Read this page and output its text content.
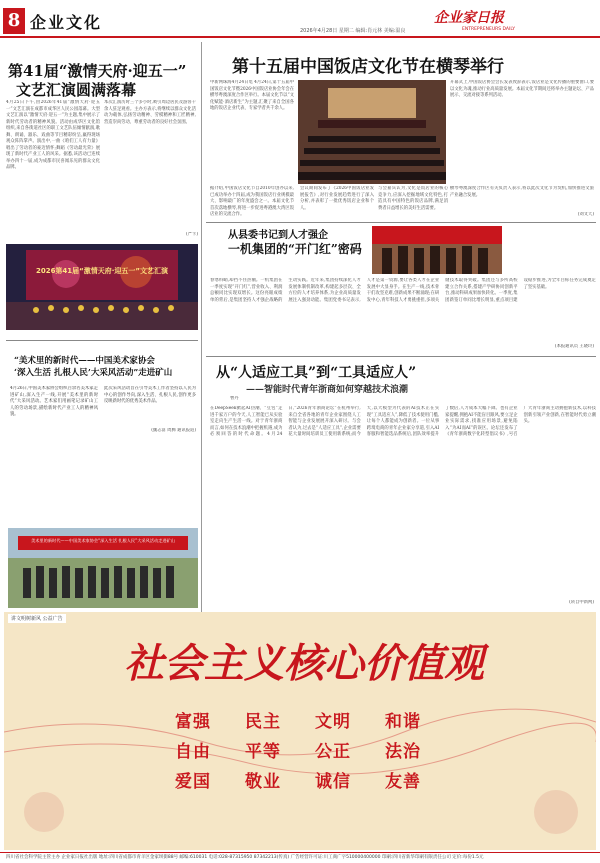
8 企业文化	2026年4月28日 星期二 编辑:肖元林 美编:温良
企业家日报
ENTREPRENEURS DAILY
第41届“激情天府·迎五一”
文艺汇演圆满落幕
4月25日下午,由2026年41届“激情天府·迎五一”文艺汇演在成都市成华区人民公园落幕。大型文艺汇演以“激情天府·迎五一”为主题,集中展示了新时代劳动者的精神风貌。活动由成华区文化馆组织,来自各街道社区的职工文艺队伍倾情献演,歌舞、朗诵、器乐、戏曲等节目精彩纷呈,赢得现场观众阵阵掌声。演出中,一曲《咱们工人有力量》唱出了劳动者的豪迈情怀;舞蹈《劳动最光荣》展现了新时代产业工人的风采。据悉,该活动已连续举办四十一届,成为成都市民喜闻乐见的群众文化品牌。
本次汇演历时三个多小时,吸引周边居民及游客千余人驻足观看。主办方表示,将继续以群众文化活动为载体,弘扬劳动精神、劳模精神和工匠精神,营造崇尚劳动、尊重劳动者的良好社会氛围。
(严卡)
2026第41届“激情天府·迎五一”文艺汇演
“美术里的新时代——中国美术家协会
‘深入生活 扎根人民’大采风活动”走进矿山
4月26日,中国美术家协会组织百余名美术家走进矿山,深入生产一线,开展“美术里的新时代”大采风活动。艺术家们用画笔记录矿山工人的劳动场景,描绘新时代产业工人的精神风貌。
此次采风活动旨在引导美术工作者坚持以人民为中心的创作导向,深入生活、扎根人民,创作更多反映新时代的优秀美术作品。
(魏志富 周腾 通讯报道)
美术里的新时代——中国美术家协会“深入生活 扎根人民”大采风活动走进矿山
第十五届中国饭店文化节在横琴举行
中新网珠海4月24日电 4月24日,第十五届中国饭店文化节暨2026中国饭店业协会年会在横琴粤澳深度合作区举行。本届文化节以“文化赋能·酒店新生”为主题,汇聚了来自全国各地的饭店企业代表、专家学者共千余人。
开幕式上,中国饭店协会会长发表致辞表示,饭店业是文化传播的重要窗口,要以文化为魂,推动行业高质量发展。本届文化节期间还将举办主题论坛、产品展示、交流对接等系列活动。
据介绍,中国饭店文化节自2010年创办以来,已成功举办十四届,成为我国饭店行业规模最大、影响最广的年度盛会之一。本届文化节首次落地横琴,将进一步促进粤港澳大湾区饭店业的交流合作。
会议期间发布了《2026中国饭店业发展报告》,对行业发展趋势进行了深入分析,并表彰了一批优秀饭店企业和个人。
与会嘉宾认为,文化是饭店业的核心竞争力,应深入挖掘地域文化特色,打造具有中国特色的饭店品牌,满足消费者日益增长的美好生活需要。
横琴粤澳深度合作区有关负责人表示,将以此次文化节为契机,加快推进文旅产业融合发展。
(刘文天)
从县委书记到人才强企
一机集团的“开门红”密码
春寒料峭,却挡不住热潮。一机集团在一季度实现“开门红”,营业收入、利润总额同比实现双增长。这份亮眼成绩单的背后,是集团坚持人才强企战略的生动实践。近年来,集团持续深化人才发展体制机制改革,构建起多层次、全方位的人才培养体系,为企业高质量发展注入强劲动能。集团党委书记表示,人才是第一资源,要让各类人才在企业发展中大显身手。在生产一线,技术骨干们攻坚克难,创新成果不断涌现;在研发中心,青年科技人才勇挑重担,多项关键技术取得突破。集团还与多所高校建立合作关系,搭建产学研协同创新平台,推动科研成果加快转化。一季度,集团新签订单同比增长明显,重点项目建设稳步推进,为全年目标任务完成奠定了坚实基础。
(本报通讯员 王晓玲)
从“人适应工具”到“工具适应人”
——智能时代青年浙商如何穿越技术浪潮
曹丹
在DeepSeek掀起AI热潮、“豆包”走进千家万户的今天,人工智能已从实验室走向生产生活一线。对于青年浙商而言,如何在技术浪潮中把握机遇,成为必须回答的时代命题。4月24日,“2026青年浙商论坛”在杭州举行,来自全省各地的青年企业家围绕人工智能与企业发展展开深入研讨。与会者认为,过去是“人适应工具”,企业需要花大量时间培训员工使用新系统;而今天,以大模型为代表的AI技术正在实现“工具适应人”,降低了技术使用门槛,让每个人都能成为创新者。一位从事跨境电商的青年企业家分享道,引入AI客服和智能选品系统后,团队效率提升了数倍,人力成本大幅下降。也有企业家提醒,拥抱AI不能盲目跟风,要立足企业实际需求,找准应用场景,避免陷入“为AI而AI”的误区。论坛还发布了《青年浙商数字化转型倡议书》,号召广大青年浙商主动拥抱新技术,以科技创新引领产业创新,在智能时代勇立潮头。
(转自中新网)
讲文明树新风 公益广告
社会主义核心价值观
富强	民主	文明	和谐
自由	平等	公正	法治
爱国	敬业	诚信	友善
四川省社会科学院主管主办 企业家日报社出版 地址:四川省成都市青羊区金家坝街88号 邮编:610031 电话:028-87315950 87342213(传真) 广告经营许可证:川工商广字510000400000 印刷:四川省新华印刷有限责任公司 定价:每份1.5元
